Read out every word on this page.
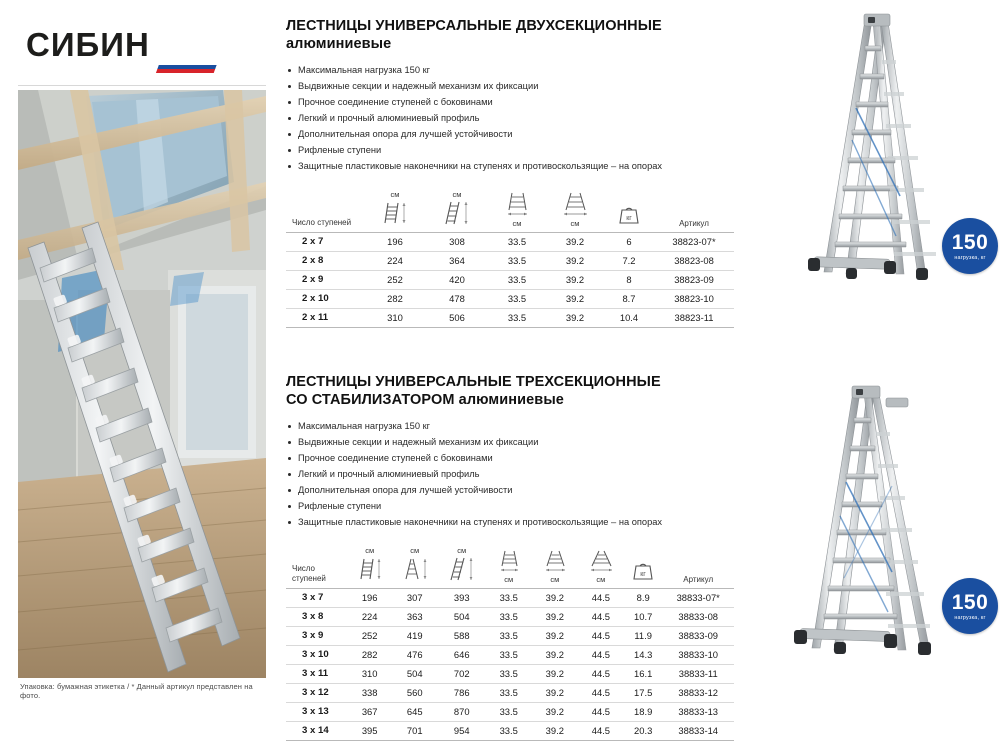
СИБИН
Упаковка: бумажная этикетка / * Данный артикул представлен на фото.
ЛЕСТНИЦЫ УНИВЕРСАЛЬНЫЕ ДВУХСЕКЦИОННЫЕ
алюминиевые
Максимальная нагрузка 150 кг
Выдвижные секции и надежный механизм их фиксации
Прочное соединение ступеней с боковинами
Легкий и прочный алюминиевый профиль
Дополнительная опора для лучшей устойчивости
Рифленые ступени
Защитные пластиковые наконечники на ступенях и противоскользящие – на опорах
Число ступеней	см	см	см	см	кг	Артикул
2 х 7	196	308	33.5	39.2	6	38823-07*
2 х 8	224	364	33.5	39.2	7.2	38823-08
2 х 9	252	420	33.5	39.2	8	38823-09
2 х 10	282	478	33.5	39.2	8.7	38823-10
2 х 11	310	506	33.5	39.2	10.4	38823-11
ЛЕСТНИЦЫ УНИВЕРСАЛЬНЫЕ ТРЕХСЕКЦИОННЫЕ
СО СТАБИЛИЗАТОРОМ алюминиевые
Максимальная нагрузка 150 кг
Выдвижные секции и надежный механизм их фиксации
Прочное соединение ступеней с боковинами
Легкий и прочный алюминиевый профиль
Дополнительная опора для лучшей устойчивости
Рифленые ступени
Защитные пластиковые наконечники на ступенях и противоскользящие – на опорах
Число
ступеней	см	см	см	см	см	см	кг	Артикул
3 х 7	196	307	393	33.5	39.2	44.5	8.9	38833-07*
3 х 8	224	363	504	33.5	39.2	44.5	10.7	38833-08
3 х 9	252	419	588	33.5	39.2	44.5	11.9	38833-09
3 х 10	282	476	646	33.5	39.2	44.5	14.3	38833-10
3 х 11	310	504	702	33.5	39.2	44.5	16.1	38833-11
3 х 12	338	560	786	33.5	39.2	44.5	17.5	38833-12
3 х 13	367	645	870	33.5	39.2	44.5	18.9	38833-13
3 х 14	395	701	954	33.5	39.2	44.5	20.3	38833-14
150
нагрузка, кг
150
нагрузка, кг
